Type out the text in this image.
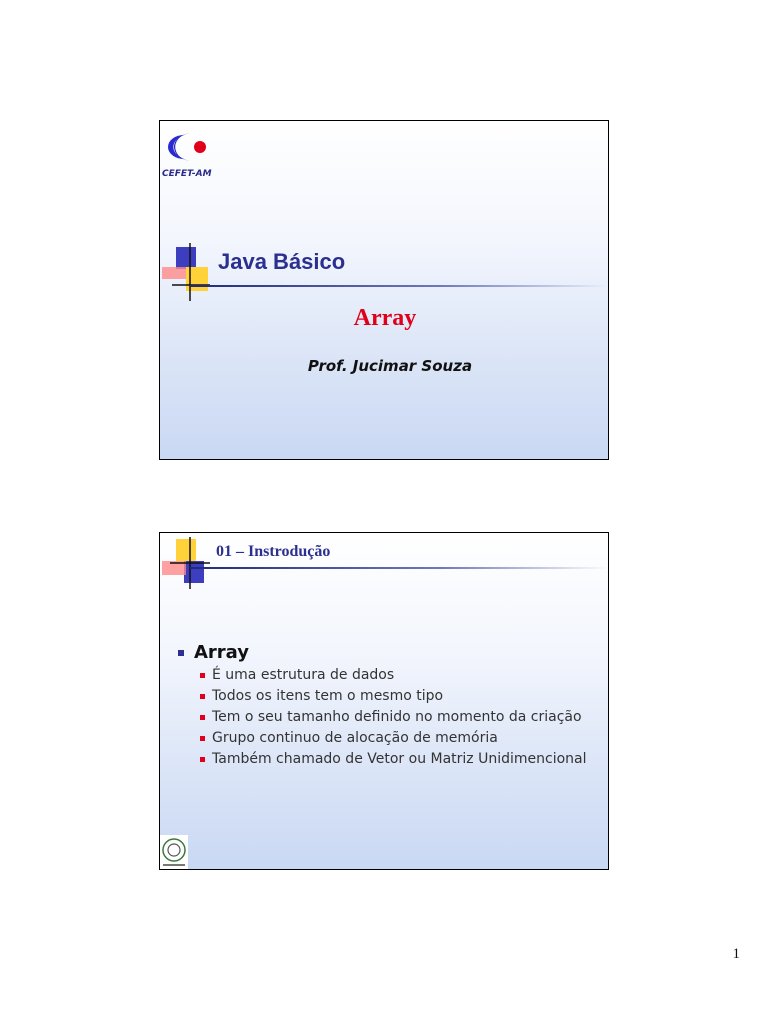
CEFET-AM
Java Básico
Array
Prof. Jucimar Souza
01 – Instrodução
Array
É uma estrutura de dados
Todos os itens tem o mesmo tipo
Tem o seu tamanho definido no momento da criação
Grupo continuo de alocação de memória
Também chamado de Vetor ou Matriz Unidimencional
1
